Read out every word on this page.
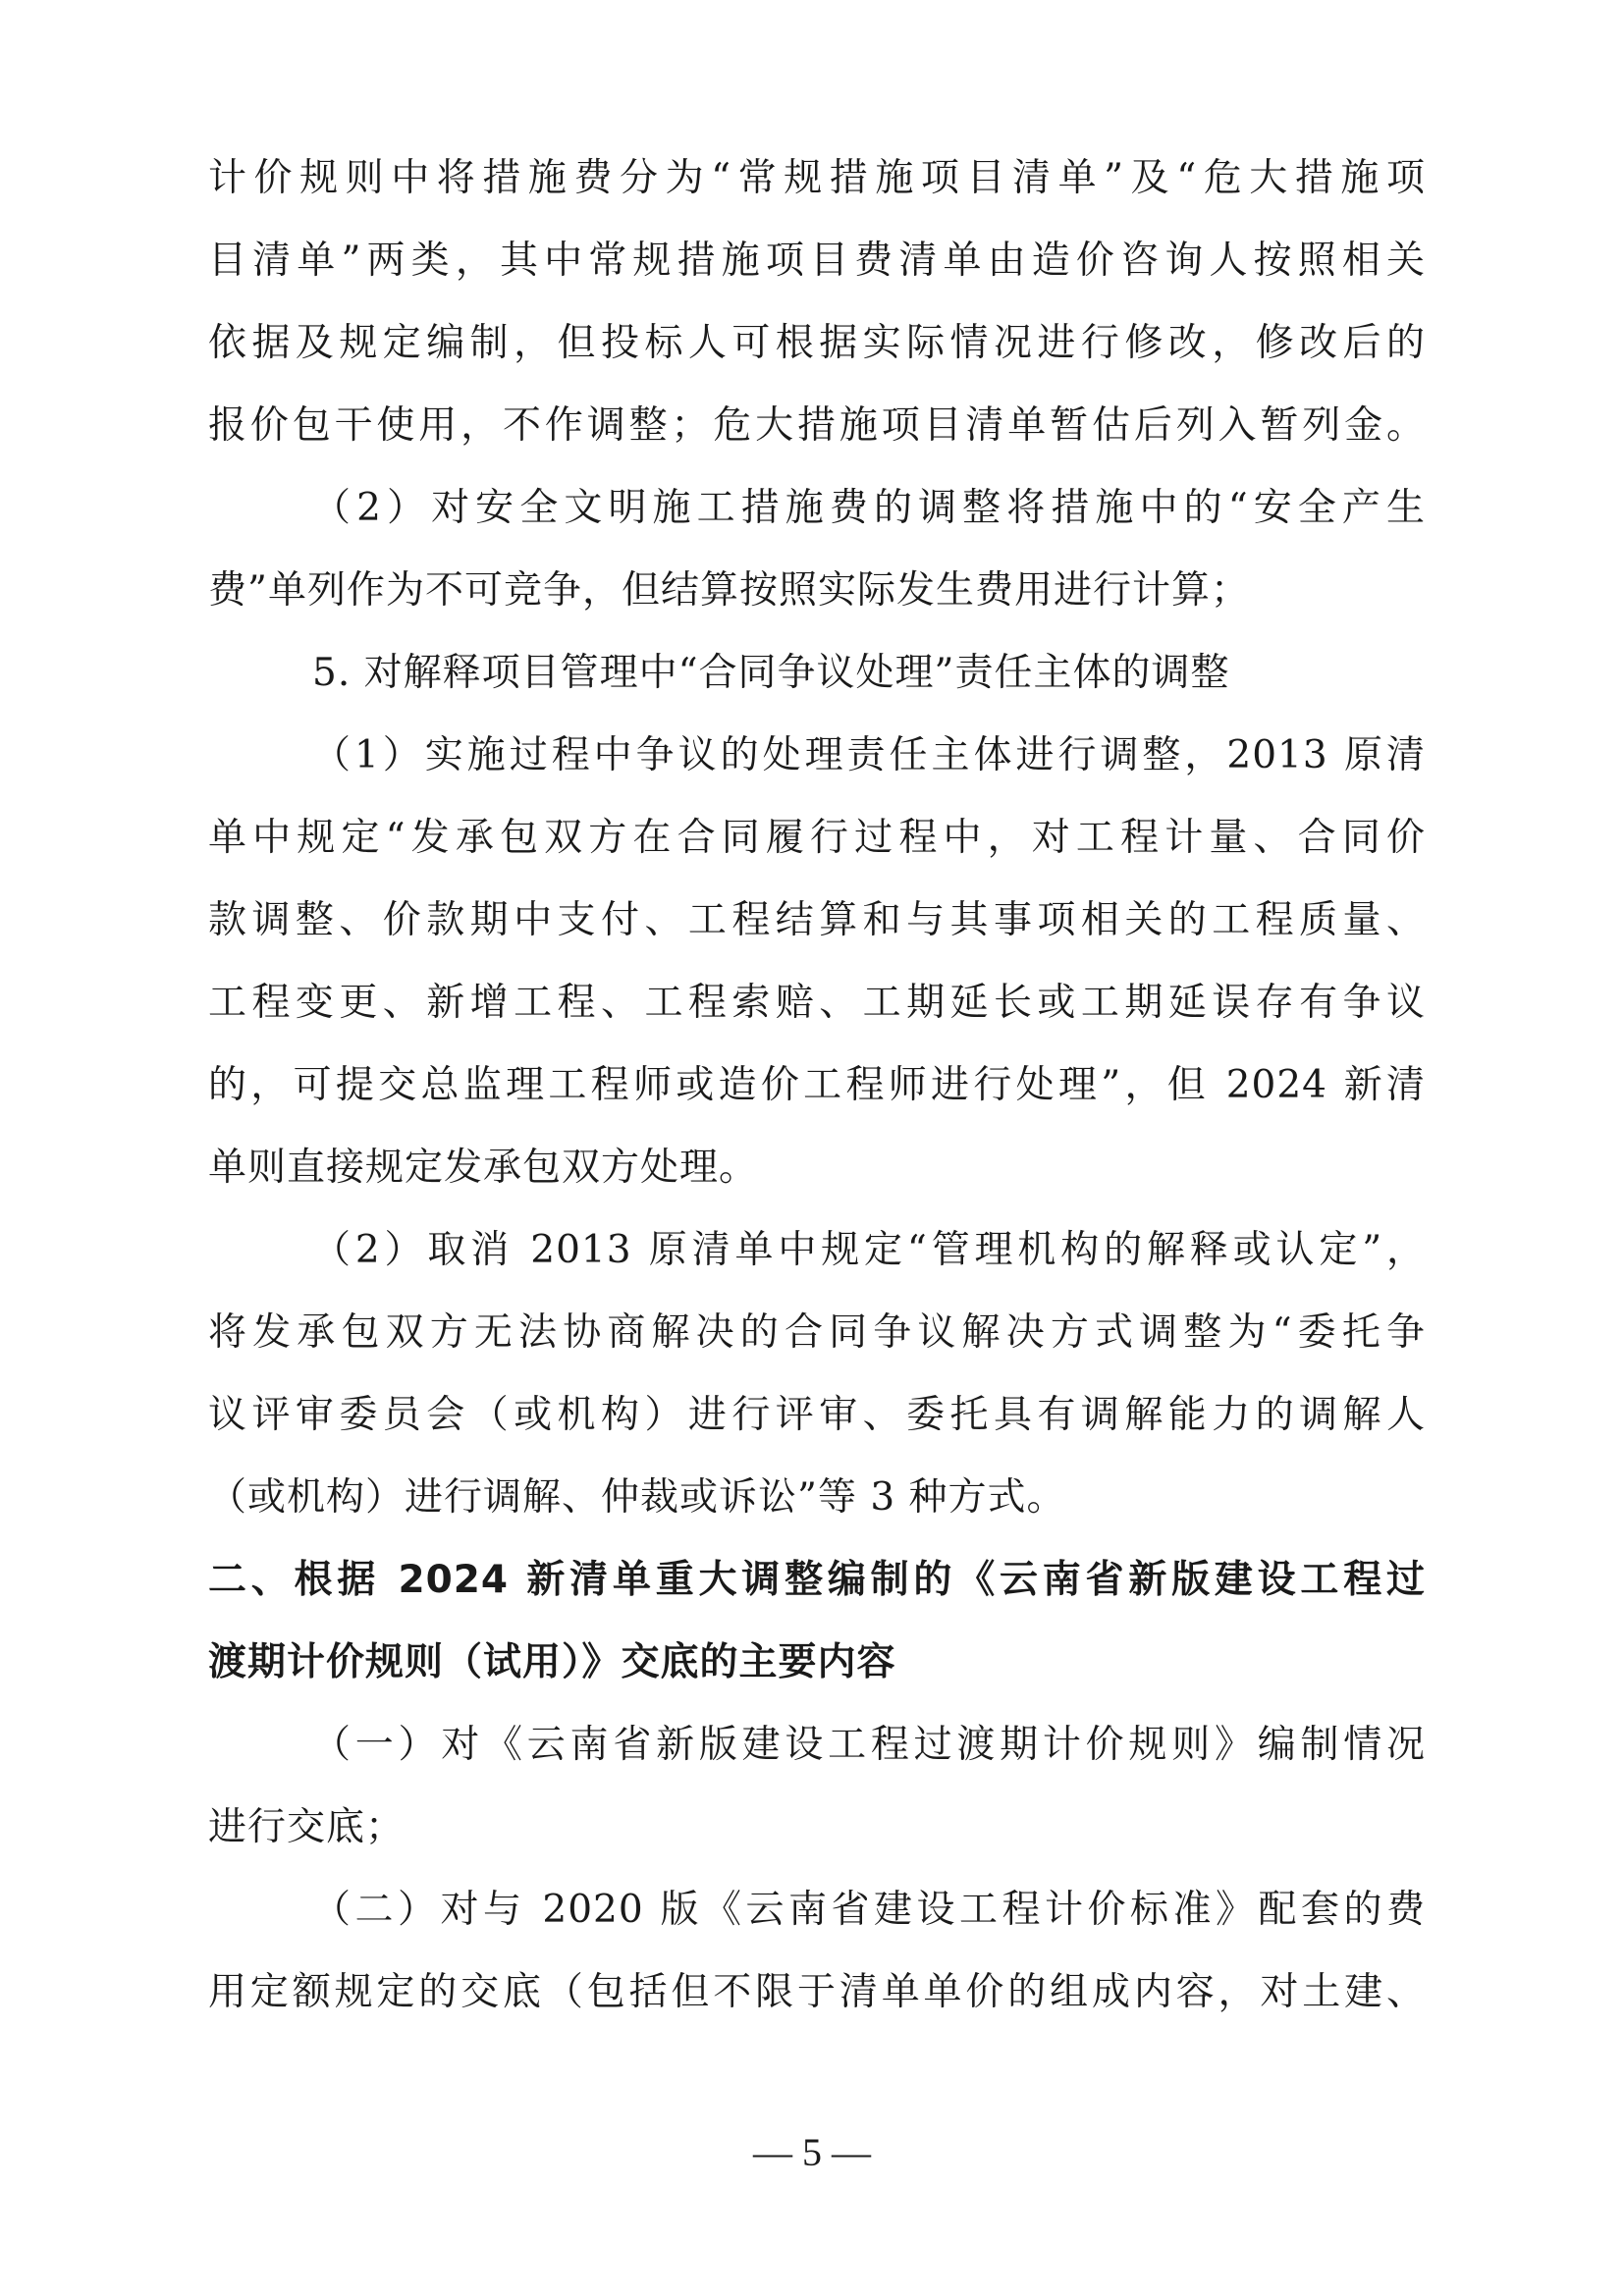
计价规则中将措施费分为“常规措施项目清单”及“危大措施项
目清单”两类，其中常规措施项目费清单由造价咨询人按照相关
依据及规定编制，但投标人可根据实际情况进行修改，修改后的
报价包干使用，不作调整；危大措施项目清单暂估后列入暂列金。
（2）对安全文明施工措施费的调整将措施中的“安全产生
费”单列作为不可竞争，但结算按照实际发生费用进行计算；
5. 对解释项目管理中“合同争议处理”责任主体的调整
（1）实施过程中争议的处理责任主体进行调整，2013 原清
单中规定“发承包双方在合同履行过程中，对工程计量、合同价
款调整、价款期中支付、工程结算和与其事项相关的工程质量、
工程变更、新增工程、工程索赔、工期延长或工期延误存有争议
的，可提交总监理工程师或造价工程师进行处理”，但 2024 新清
单则直接规定发承包双方处理。
（2）取消 2013 原清单中规定“管理机构的解释或认定”，
将发承包双方无法协商解决的合同争议解决方式调整为“委托争
议评审委员会（或机构）进行评审、委托具有调解能力的调解人
（或机构）进行调解、仲裁或诉讼”等 3 种方式。
二、根据 2024 新清单重大调整编制的《云南省新版建设工程过
渡期计价规则（试用）》交底的主要内容
（一）对《云南省新版建设工程过渡期计价规则》编制情况
进行交底；
（二）对与 2020 版《云南省建设工程计价标准》配套的费
用定额规定的交底（包括但不限于清单单价的组成内容，对土建、
— 5 —
